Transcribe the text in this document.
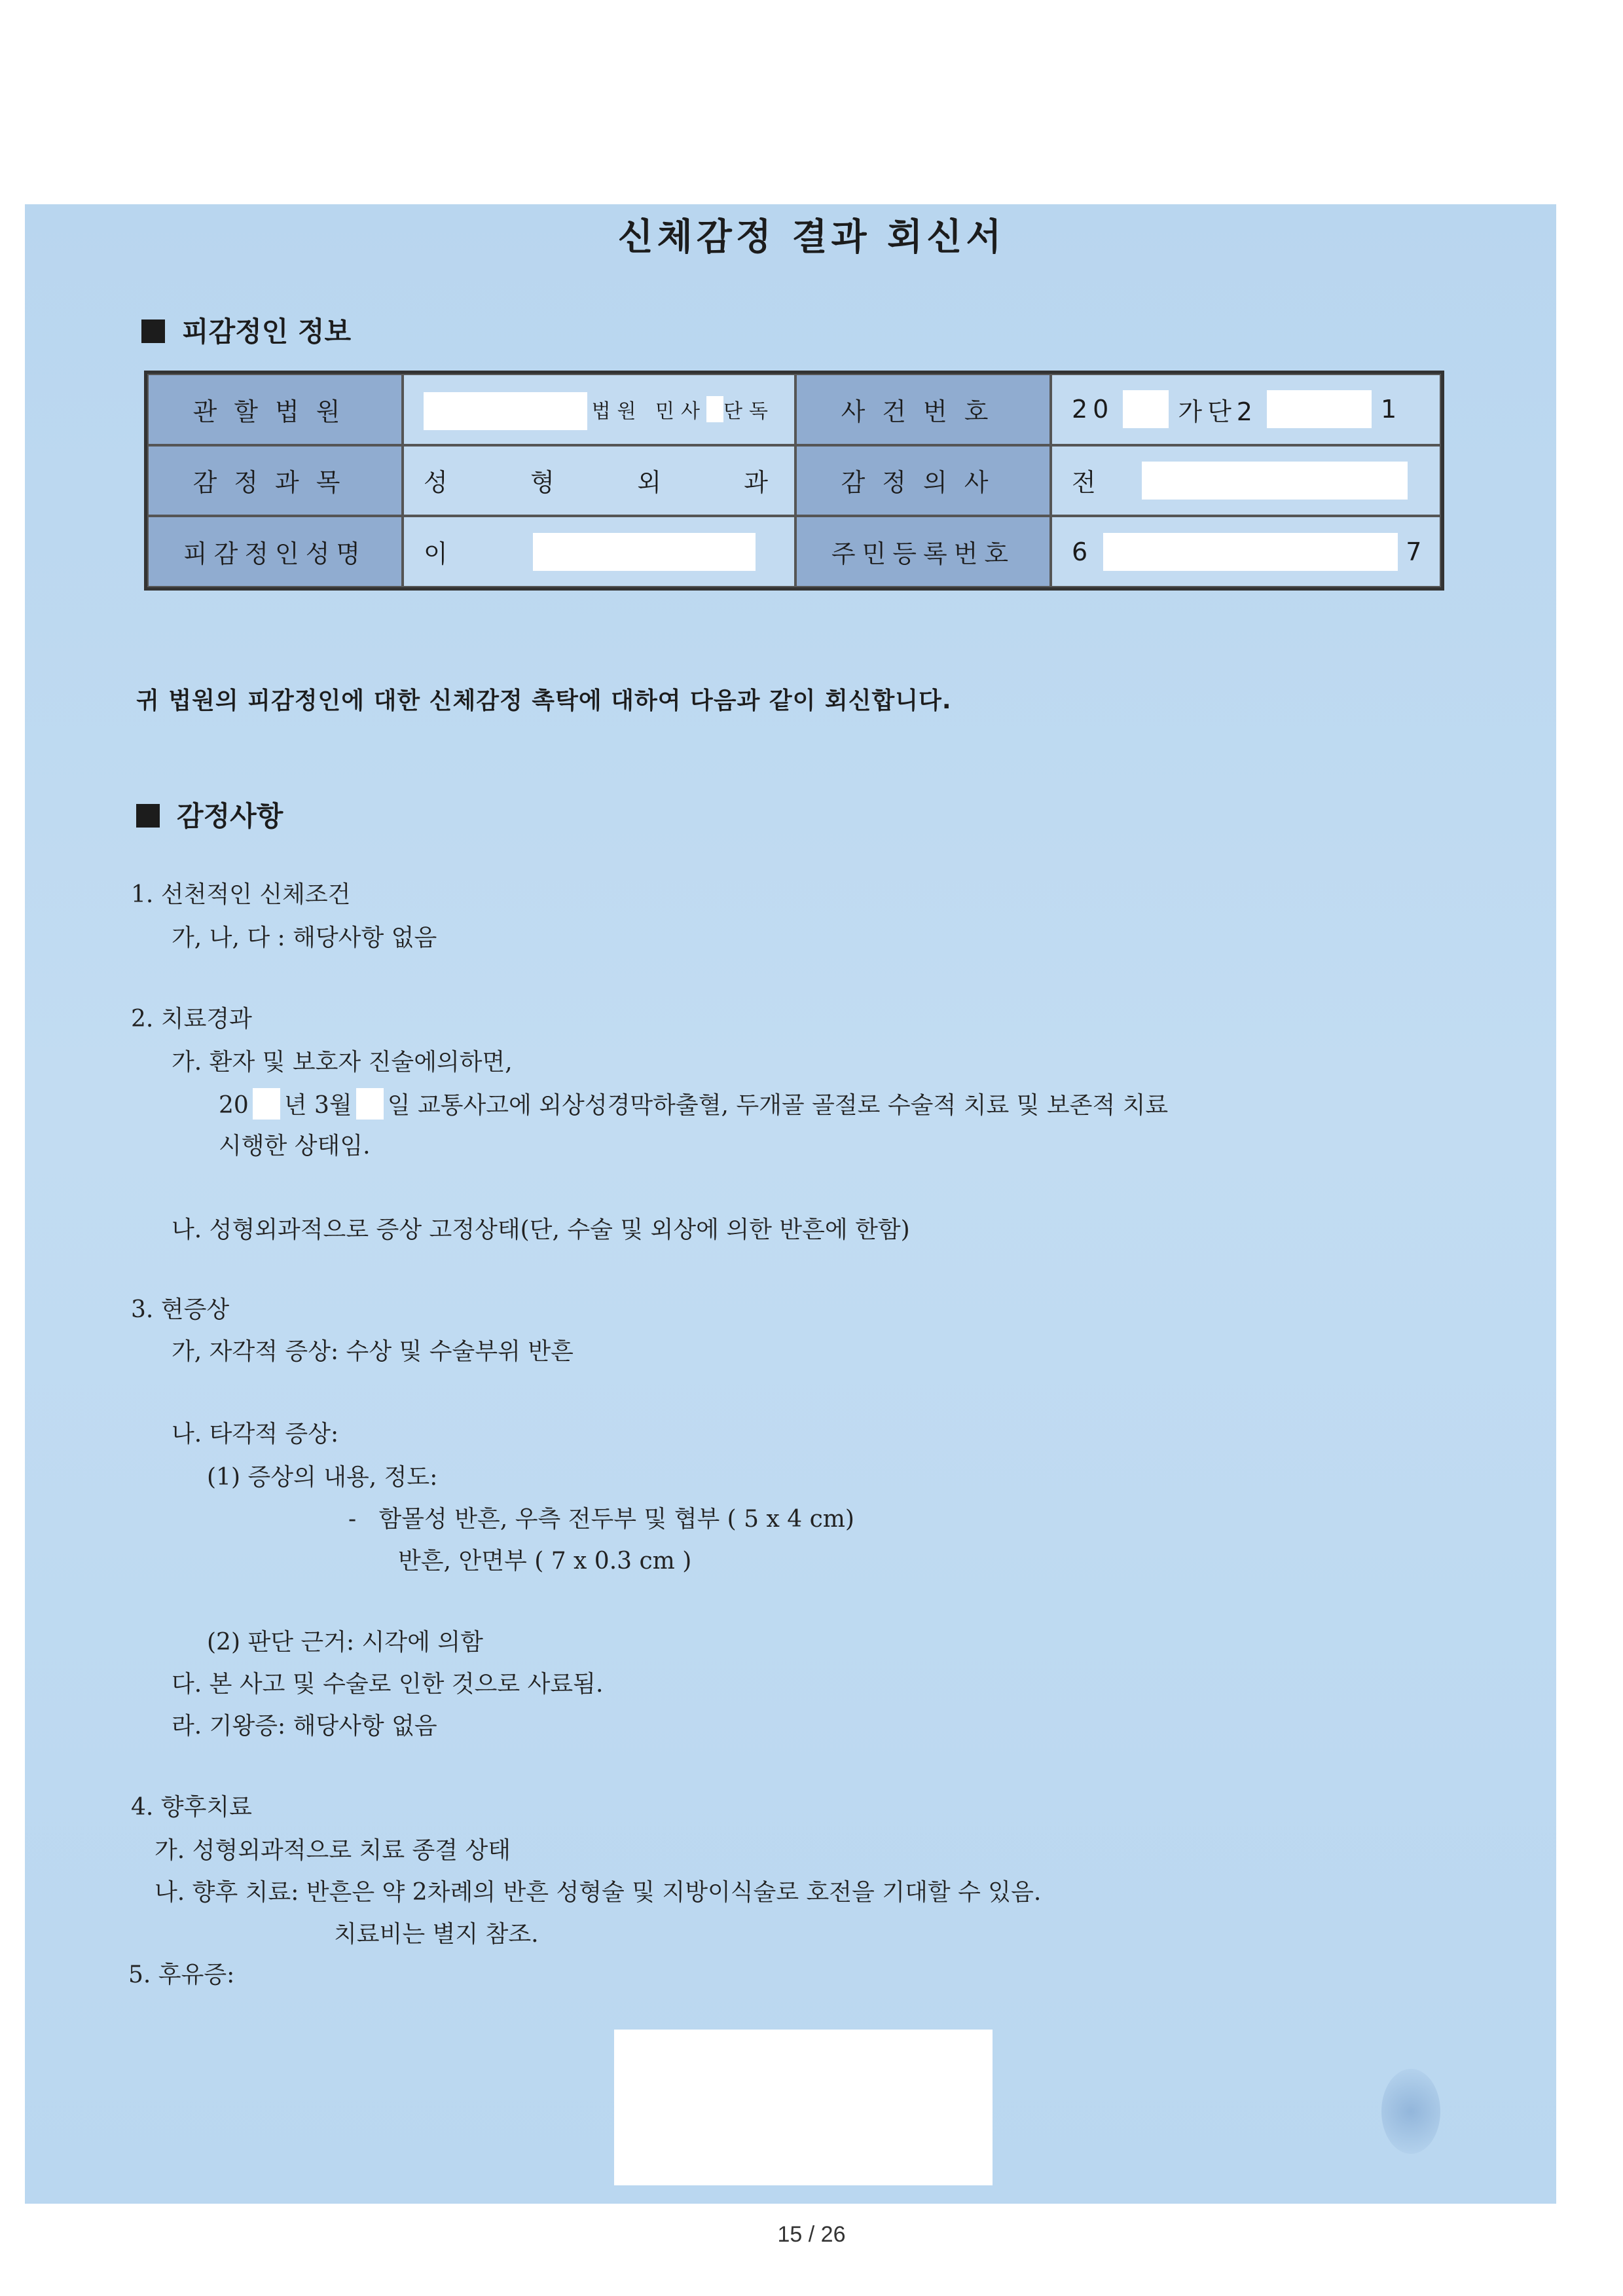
신체감정 결과 회신서
피감정인 정보
관할법원	법원 민사 단독	사건번호	20	가단2	1
감정과목	성	형	외	과	감정의사	전
피감정인성명	이	주민등록번호	6	7
귀 법원의 피감정인에 대한 신체감정 촉탁에 대하여 다음과 같이 회신합니다.
감정사항
1. 선천적인 신체조건
가, 나, 다 : 해당사항 없음
2. 치료경과
가. 환자 및 보호자 진술에의하면,
20 년 3월 일 교통사고에 외상성경막하출혈, 두개골 골절로 수술적 치료 및 보존적 치료
시행한 상태임.
나. 성형외과적으로 증상 고정상태(단, 수술 및 외상에 의한 반흔에 한함)
3. 현증상
가, 자각적 증상: 수상 및 수술부위 반흔
나. 타각적 증상:
(1) 증상의 내용, 정도:
-   함몰성 반흔, 우측 전두부 및 협부 ( 5 x 4 cm)
반흔, 안면부 ( 7 x 0.3 cm )
(2) 판단 근거: 시각에 의함
다. 본 사고 및 수술로 인한 것으로 사료됨.
라. 기왕증: 해당사항 없음
4. 향후치료
가. 성형외과적으로 치료 종결 상태
나. 향후 치료: 반흔은 약 2차례의 반흔 성형술 및 지방이식술로 호전을 기대할 수 있음.
치료비는 별지 참조.
5. 후유증:
15 / 26
